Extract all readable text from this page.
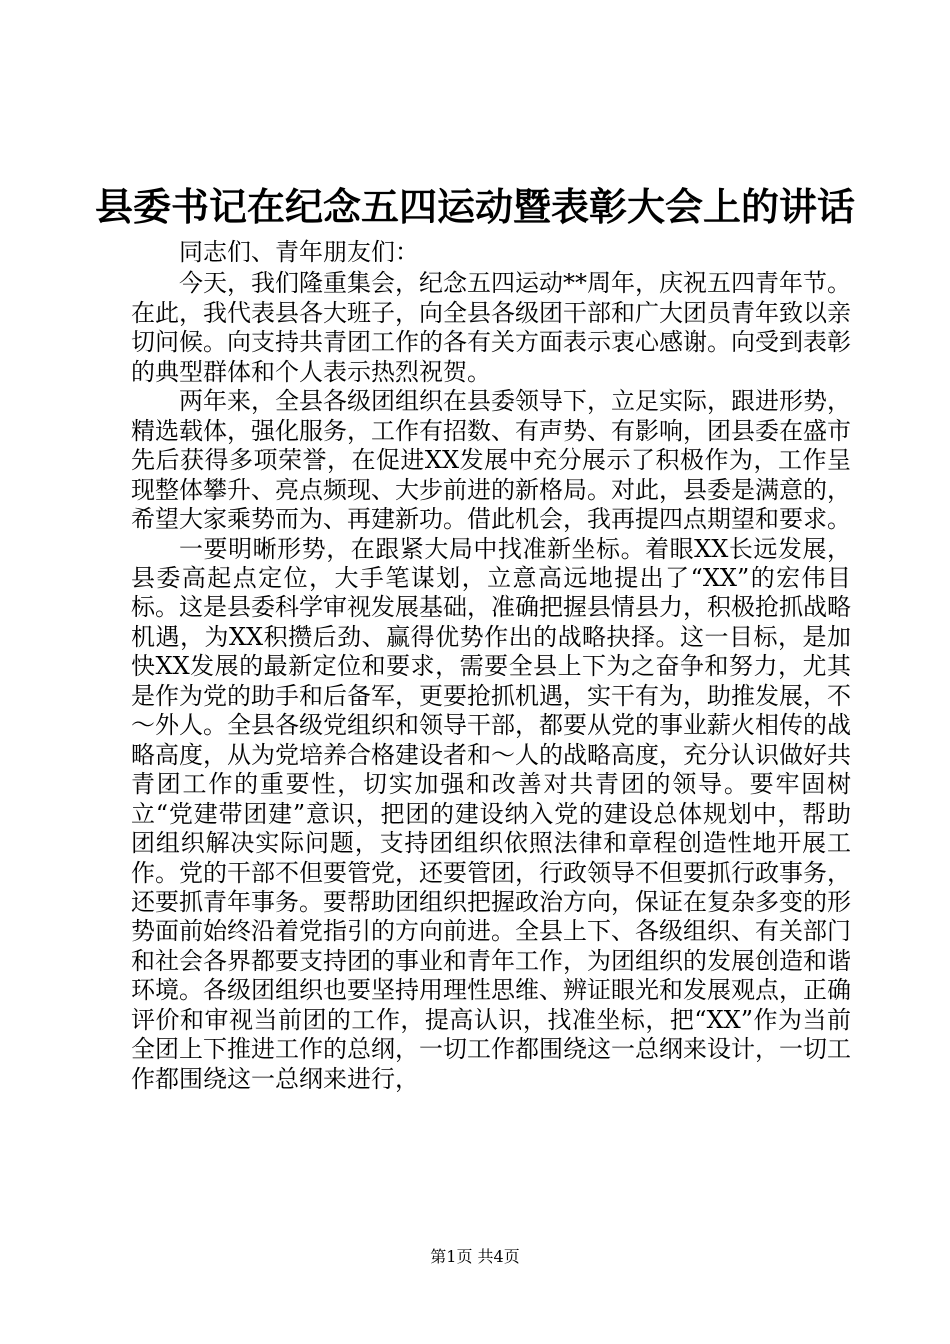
县委书记在纪念五四运动暨表彰大会上的讲话

同志们、青年朋友们：

今天，我们隆重集会，纪念五四运动**周年，庆祝五四青年节。在此，我代表县各大班子，向全县各级团干部和广大团员青年致以亲切问候。向支持共青团工作的各有关方面表示衷心感谢。向受到表彰的典型群体和个人表示热烈祝贺。

两年来，全县各级团组织在县委领导下，立足实际，跟进形势，精选载体，强化服务，工作有招数、有声势、有影响，团县委在盛市先后获得多项荣誉，在促进XX发展中充分展示了积极作为，工作呈现整体攀升、亮点频现、大步前进的新格局。对此，县委是满意的，希望大家乘势而为、再建新功。借此机会，我再提四点期望和要求。

一要明晰形势，在跟紧大局中找准新坐标。着眼XX长远发展，县委高起点定位，大手笔谋划，立意高远地提出了“XX”的宏伟目标。这是县委科学审视发展基础，准确把握县情县力，积极抢抓战略机遇，为XX积攒后劲、赢得优势作出的战略抉择。这一目标，是加快XX发展的最新定位和要求，需要全县上下为之奋争和努力，尤其是作为党的助手和后备军，更要抢抓机遇，实干有为，助推发展，不～外人。全县各级党组织和领导干部，都要从党的事业薪火相传的战略高度，从为党培养合格建设者和～人的战略高度，充分认识做好共青团工作的重要性，切实加强和改善对共青团的领导。要牢固树立“党建带团建”意识，把团的建设纳入党的建设总体规划中，帮助团组织解决实际问题，支持团组织依照法律和章程创造性地开展工作。党的干部不但要管党，还要管团，行政领导不但要抓行政事务，还要抓青年事务。要帮助团组织把握政治方向，保证在复杂多变的形势面前始终沿着党指引的方向前进。全县上下、各级组织、有关部门和社会各界都要支持团的事业和青年工作，为团组织的发展创造和谐环境。各级团组织也要坚持用理性思维、辨证眼光和发展观点，正确评价和审视当前团的工作，提高认识，找准坐标，把“XX”作为当前全团上下推进工作的总纲，一切工作都围绕这一总纲来设计，一切工作都围绕这一总纲来进行，

第1页 共4页
